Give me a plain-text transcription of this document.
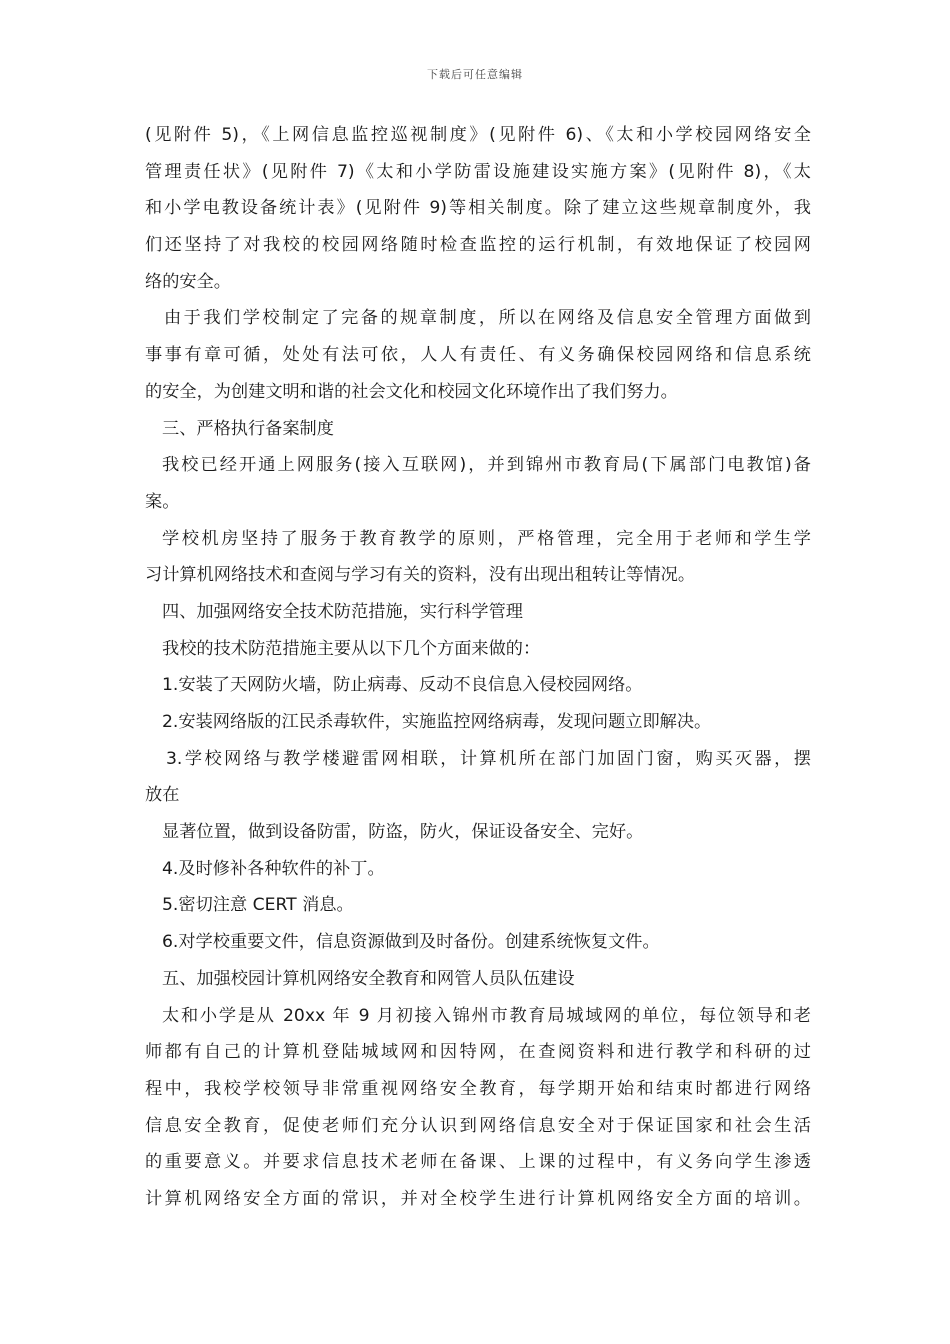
下载后可任意编辑

(见附件 5)，《上网信息监控巡视制度》(见附件 6)、《太和小学校园网络安全

管理责任状》(见附件 7)《太和小学防雷设施建设实施方案》(见附件 8)，《太

和小学电教设备统计表》(见附件 9)等相关制度。除了建立这些规章制度外，我

们还坚持了对我校的校园网络随时检查监控的运行机制，有效地保证了校园网

络的安全。

由于我们学校制定了完备的规章制度，所以在网络及信息安全管理方面做到

事事有章可循，处处有法可依，人人有责任、有义务确保校园网络和信息系统

的安全，为创建文明和谐的社会文化和校园文化环境作出了我们努力。

三、严格执行备案制度

我校已经开通上网服务(接入互联网)，并到锦州市教育局(下属部门电教馆)备

案。

学校机房坚持了服务于教育教学的原则，严格管理，完全用于老师和学生学

习计算机网络技术和查阅与学习有关的资料，没有出现出租转让等情况。

四、加强网络安全技术防范措施，实行科学管理

我校的技术防范措施主要从以下几个方面来做的：

1.安装了天网防火墙，防止病毒、反动不良信息入侵校园网络。

2.安装网络版的江民杀毒软件，实施监控网络病毒，发现问题立即解决。

3.学校网络与教学楼避雷网相联，计算机所在部门加固门窗，购买灭器，摆

放在

显著位置，做到设备防雷，防盗，防火，保证设备安全、完好。

4.及时修补各种软件的补丁。

5.密切注意 CERT 消息。

6.对学校重要文件，信息资源做到及时备份。创建系统恢复文件。

五、加强校园计算机网络安全教育和网管人员队伍建设

太和小学是从 20xx 年 9 月初接入锦州市教育局城域网的单位，每位领导和老

师都有自己的计算机登陆城域网和因特网，在查阅资料和进行教学和科研的过

程中，我校学校领导非常重视网络安全教育，每学期开始和结束时都进行网络

信息安全教育，促使老师们充分认识到网络信息安全对于保证国家和社会生活

的重要意义。并要求信息技术老师在备课、上课的过程中，有义务向学生渗透

计算机网络安全方面的常识，并对全校学生进行计算机网络安全方面的培训。
